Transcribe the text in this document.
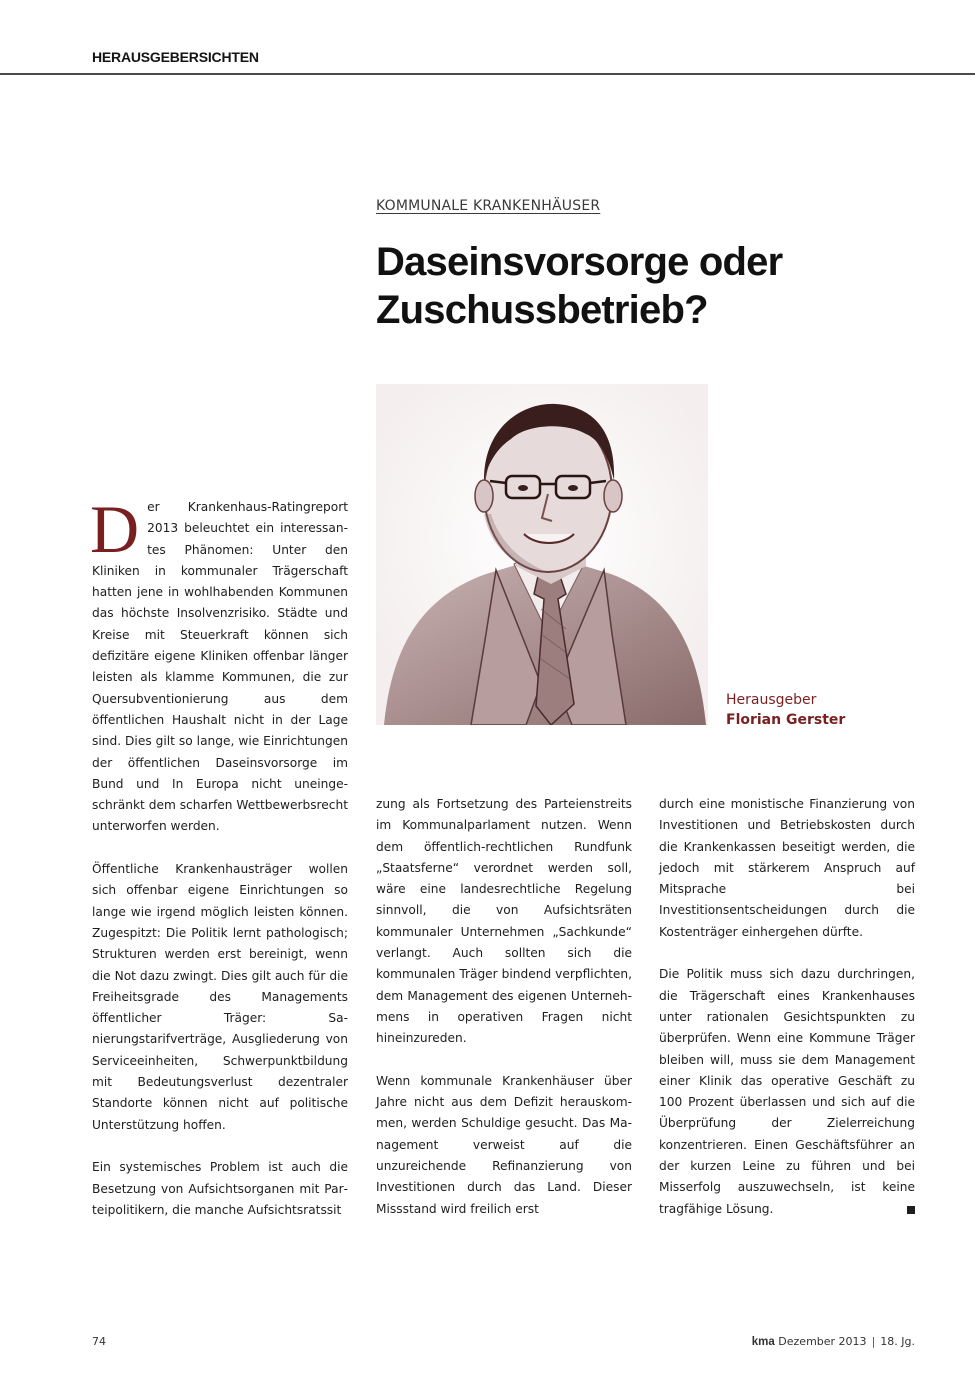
HERAUSGEBERSICHTEN
KOMMUNALE KRANKENHÄUSER
Daseinsvorsorge oder
Zuschussbetrieb?
Herausgeber
Florian Gerster

Der Krankenhaus-Ratingreport 2013 beleuchtet ein interessantes Phänomen: Unter den Kliniken in kommunaler Trägerschaft hatten jene in wohlhabenden Kommunen das höchste Insolvenzrisiko. Städte und Kreise mit Steuerkraft können sich defizitäre eigene Kliniken offenbar länger leisten als klamme Kommunen, die zur Quersubventionierung aus dem öffentlichen Haushalt nicht in der Lage sind. Dies gilt so lange, wie Einrichtungen der öffentlichen Daseinsvorsorge im Bund und In Europa nicht uneingeschränkt dem scharfen Wettbewerbsrecht unterworfen werden.

Öffentliche Krankenhausträger wollen sich offenbar eigene Einrichtungen so lange wie irgend möglich leisten können. Zugespitzt: Die Politik lernt pathologisch; Strukturen werden erst bereinigt, wenn die Not dazu zwingt. Dies gilt auch für die Freiheitsgrade des Managements öffentlicher Träger: Sanierungstarifverträge, Ausgliederung von Serviceeinheiten, Schwerpunktbildung mit Bedeutungsverlust dezentraler Standorte können nicht auf politische Unterstützung hoffen.

Ein systemisches Problem ist auch die Besetzung von Aufsichtsorganen mit Parteipolitikern, die manche Aufsichtsratssit

zung als Fortsetzung des Parteienstreits im Kommunalparlament nutzen. Wenn dem öffentlich-rechtlichen Rundfunk „Staatsferne“ verordnet werden soll, wäre eine landesrechtliche Regelung sinnvoll, die von Aufsichtsräten kommunaler Unternehmen „Sachkunde“ verlangt. Auch sollten sich die kommunalen Träger bindend verpflichten, dem Management des eigenen Unternehmens in operativen Fragen nicht hineinzureden.

Wenn kommunale Krankenhäuser über Jahre nicht aus dem Defizit herauskommen, werden Schuldige gesucht. Das Management verweist auf die unzureichende Refinanzierung von Investitionen durch das Land. Dieser Missstand wird freilich erst

durch eine monistische Finanzierung von Investitionen und Betriebskosten durch die Krankenkassen beseitigt werden, die jedoch mit stärkerem Anspruch auf Mitsprache bei Investitionsentscheidungen durch die Kostenträger einhergehen dürfte.

Die Politik muss sich dazu durchringen, die Trägerschaft eines Krankenhauses unter rationalen Gesichtspunkten zu überprüfen. Wenn eine Kommune Träger bleiben will, muss sie dem Management einer Klinik das operative Geschäft zu 100 Prozent überlassen und sich auf die Überprüfung der Zielerreichung konzentrieren. Einen Geschäftsführer an der kurzen Leine zu führen und bei Misserfolg auszuwechseln, ist keine tragfähige Lösung.

74	kma Dezember 2013 | 18. Jg.
